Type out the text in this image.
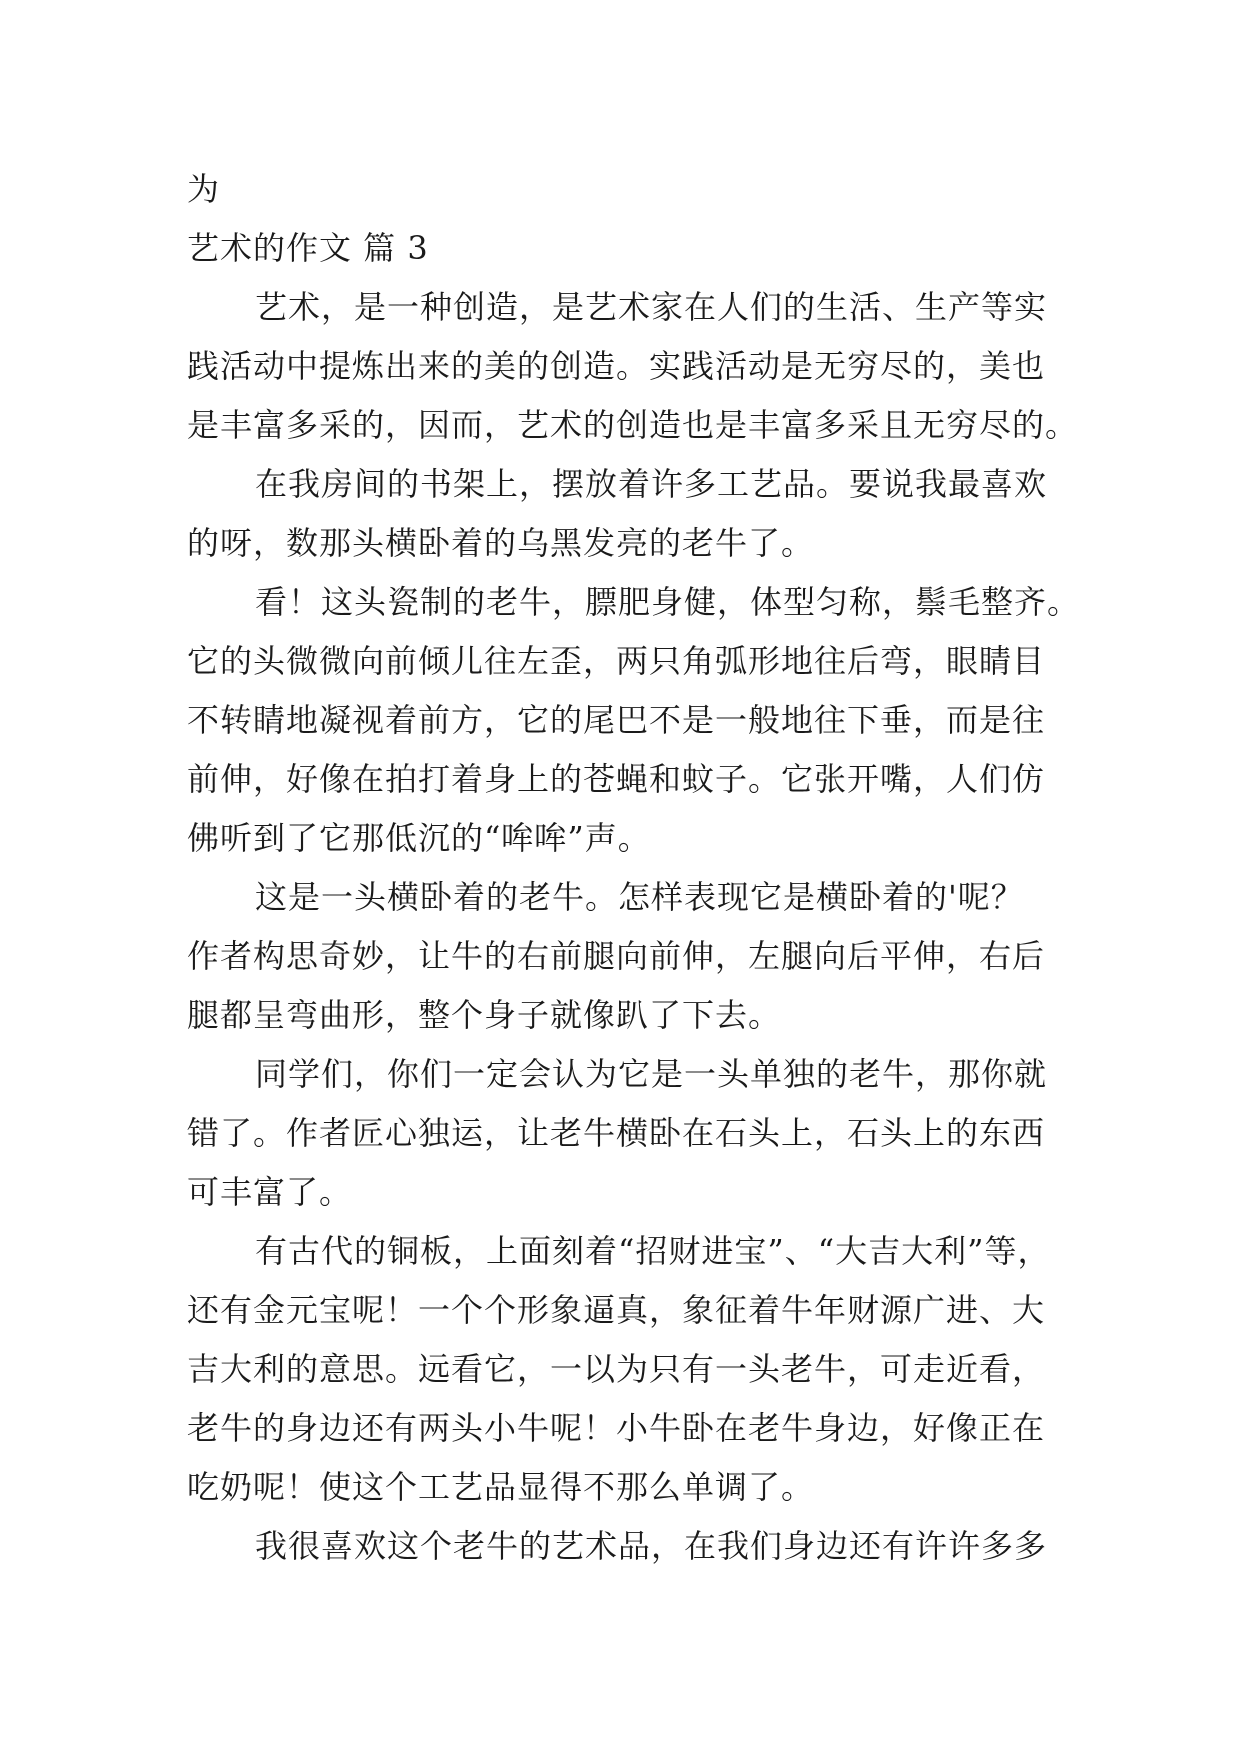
为
艺术的作文 篇 3
艺术，是一种创造，是艺术家在人们的生活、生产等实
践活动中提炼出来的美的创造。实践活动是无穷尽的，美也
是丰富多采的，因而，艺术的创造也是丰富多采且无穷尽的。
在我房间的书架上，摆放着许多工艺品。要说我最喜欢
的呀，数那头横卧着的乌黑发亮的老牛了。
看！这头瓷制的老牛，膘肥身健，体型匀称，鬃毛整齐。
它的头微微向前倾儿往左歪，两只角弧形地往后弯，眼睛目
不转睛地凝视着前方，它的尾巴不是一般地往下垂，而是往
前伸，好像在拍打着身上的苍蝇和蚊子。它张开嘴，人们仿
佛听到了它那低沉的“哞哞”声。
这是一头横卧着的老牛。怎样表现它是横卧着的'呢？
作者构思奇妙，让牛的右前腿向前伸，左腿向后平伸，右后
腿都呈弯曲形，整个身子就像趴了下去。
同学们，你们一定会认为它是一头单独的老牛，那你就
错了。作者匠心独运，让老牛横卧在石头上，石头上的东西
可丰富了。
有古代的铜板，上面刻着“招财进宝”、“大吉大利”等，
还有金元宝呢！一个个形象逼真，象征着牛年财源广进、大
吉大利的意思。远看它，一以为只有一头老牛，可走近看，
老牛的身边还有两头小牛呢！小牛卧在老牛身边，好像正在
吃奶呢！使这个工艺品显得不那么单调了。
我很喜欢这个老牛的艺术品，在我们身边还有许许多多
